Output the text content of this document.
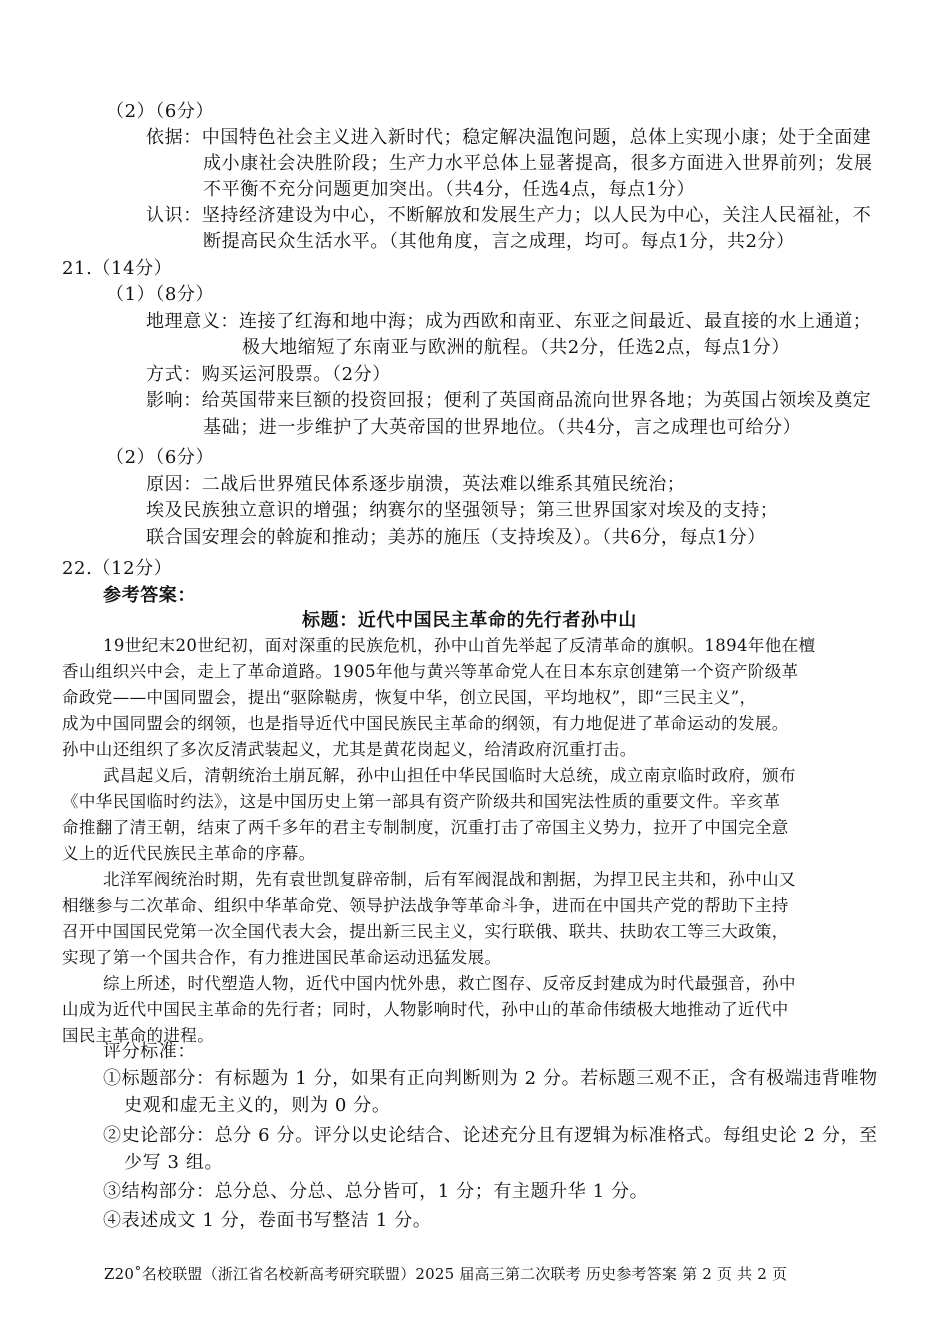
（2）（6分）
依据：中国特色社会主义进入新时代；稳定解决温饱问题，总体上实现小康；处于全面建
成小康社会决胜阶段；生产力水平总体上显著提高，很多方面进入世界前列；发展
不平衡不充分问题更加突出。（共4分，任选4点，每点1分）
认识：坚持经济建设为中心，不断解放和发展生产力；以人民为中心，关注人民福祉，不
断提高民众生活水平。（其他角度，言之成理，均可。每点1分，共2分）
21.（14分）
（1）（8分）
地理意义：连接了红海和地中海；成为西欧和南亚、东亚之间最近、最直接的水上通道；
极大地缩短了东南亚与欧洲的航程。（共2分，任选2点，每点1分）
方式：购买运河股票。（2分）
影响：给英国带来巨额的投资回报；便利了英国商品流向世界各地；为英国占领埃及奠定
基础；进一步维护了大英帝国的世界地位。（共4分，言之成理也可给分）
（2）（6分）
原因：二战后世界殖民体系逐步崩溃，英法难以维系其殖民统治；
埃及民族独立意识的增强；纳赛尔的坚强领导；第三世界国家对埃及的支持；
联合国安理会的斡旋和推动；美苏的施压（支持埃及）。（共6分，每点1分）
22.（12分）
参考答案：
标题：近代中国民主革命的先行者孙中山
19世纪末20世纪初，面对深重的民族危机，孙中山首先举起了反清革命的旗帜。1894年他在檀
香山组织兴中会，走上了革命道路。1905年他与黄兴等革命党人在日本东京创建第一个资产阶级革
命政党——中国同盟会，提出“驱除鞑虏，恢复中华，创立民国，平均地权”，即“三民主义”，
成为中国同盟会的纲领，也是指导近代中国民族民主革命的纲领，有力地促进了革命运动的发展。
孙中山还组织了多次反清武装起义，尤其是黄花岗起义，给清政府沉重打击。
武昌起义后，清朝统治土崩瓦解，孙中山担任中华民国临时大总统，成立南京临时政府，颁布
《中华民国临时约法》，这是中国历史上第一部具有资产阶级共和国宪法性质的重要文件。辛亥革
命推翻了清王朝，结束了两千多年的君主专制制度，沉重打击了帝国主义势力，拉开了中国完全意
义上的近代民族民主革命的序幕。
北洋军阀统治时期，先有袁世凯复辟帝制，后有军阀混战和割据，为捍卫民主共和，孙中山又
相继参与二次革命、组织中华革命党、领导护法战争等革命斗争，进而在中国共产党的帮助下主持
召开中国国民党第一次全国代表大会，提出新三民主义，实行联俄、联共、扶助农工等三大政策，
实现了第一个国共合作，有力推进国民革命运动迅猛发展。
综上所述，时代塑造人物，近代中国内忧外患，救亡图存、反帝反封建成为时代最强音，孙中
山成为近代中国民主革命的先行者；同时，人物影响时代，孙中山的革命伟绩极大地推动了近代中
国民主革命的进程。
评分标准：
①标题部分：有标题为 1 分，如果有正向判断则为 2 分。若标题三观不正，含有极端违背唯物
史观和虚无主义的，则为 0 分。
②史论部分：总分 6 分。评分以史论结合、论述充分且有逻辑为标准格式。每组史论 2 分，至
少写 3 组。
③结构部分：总分总、分总、总分皆可，1 分；有主题升华 1 分。
④表述成文 1 分，卷面书写整洁 1 分。
Z20˚名校联盟（浙江省名校新高考研究联盟）2025 届高三第二次联考 历史参考答案 第 2 页 共 2 页
